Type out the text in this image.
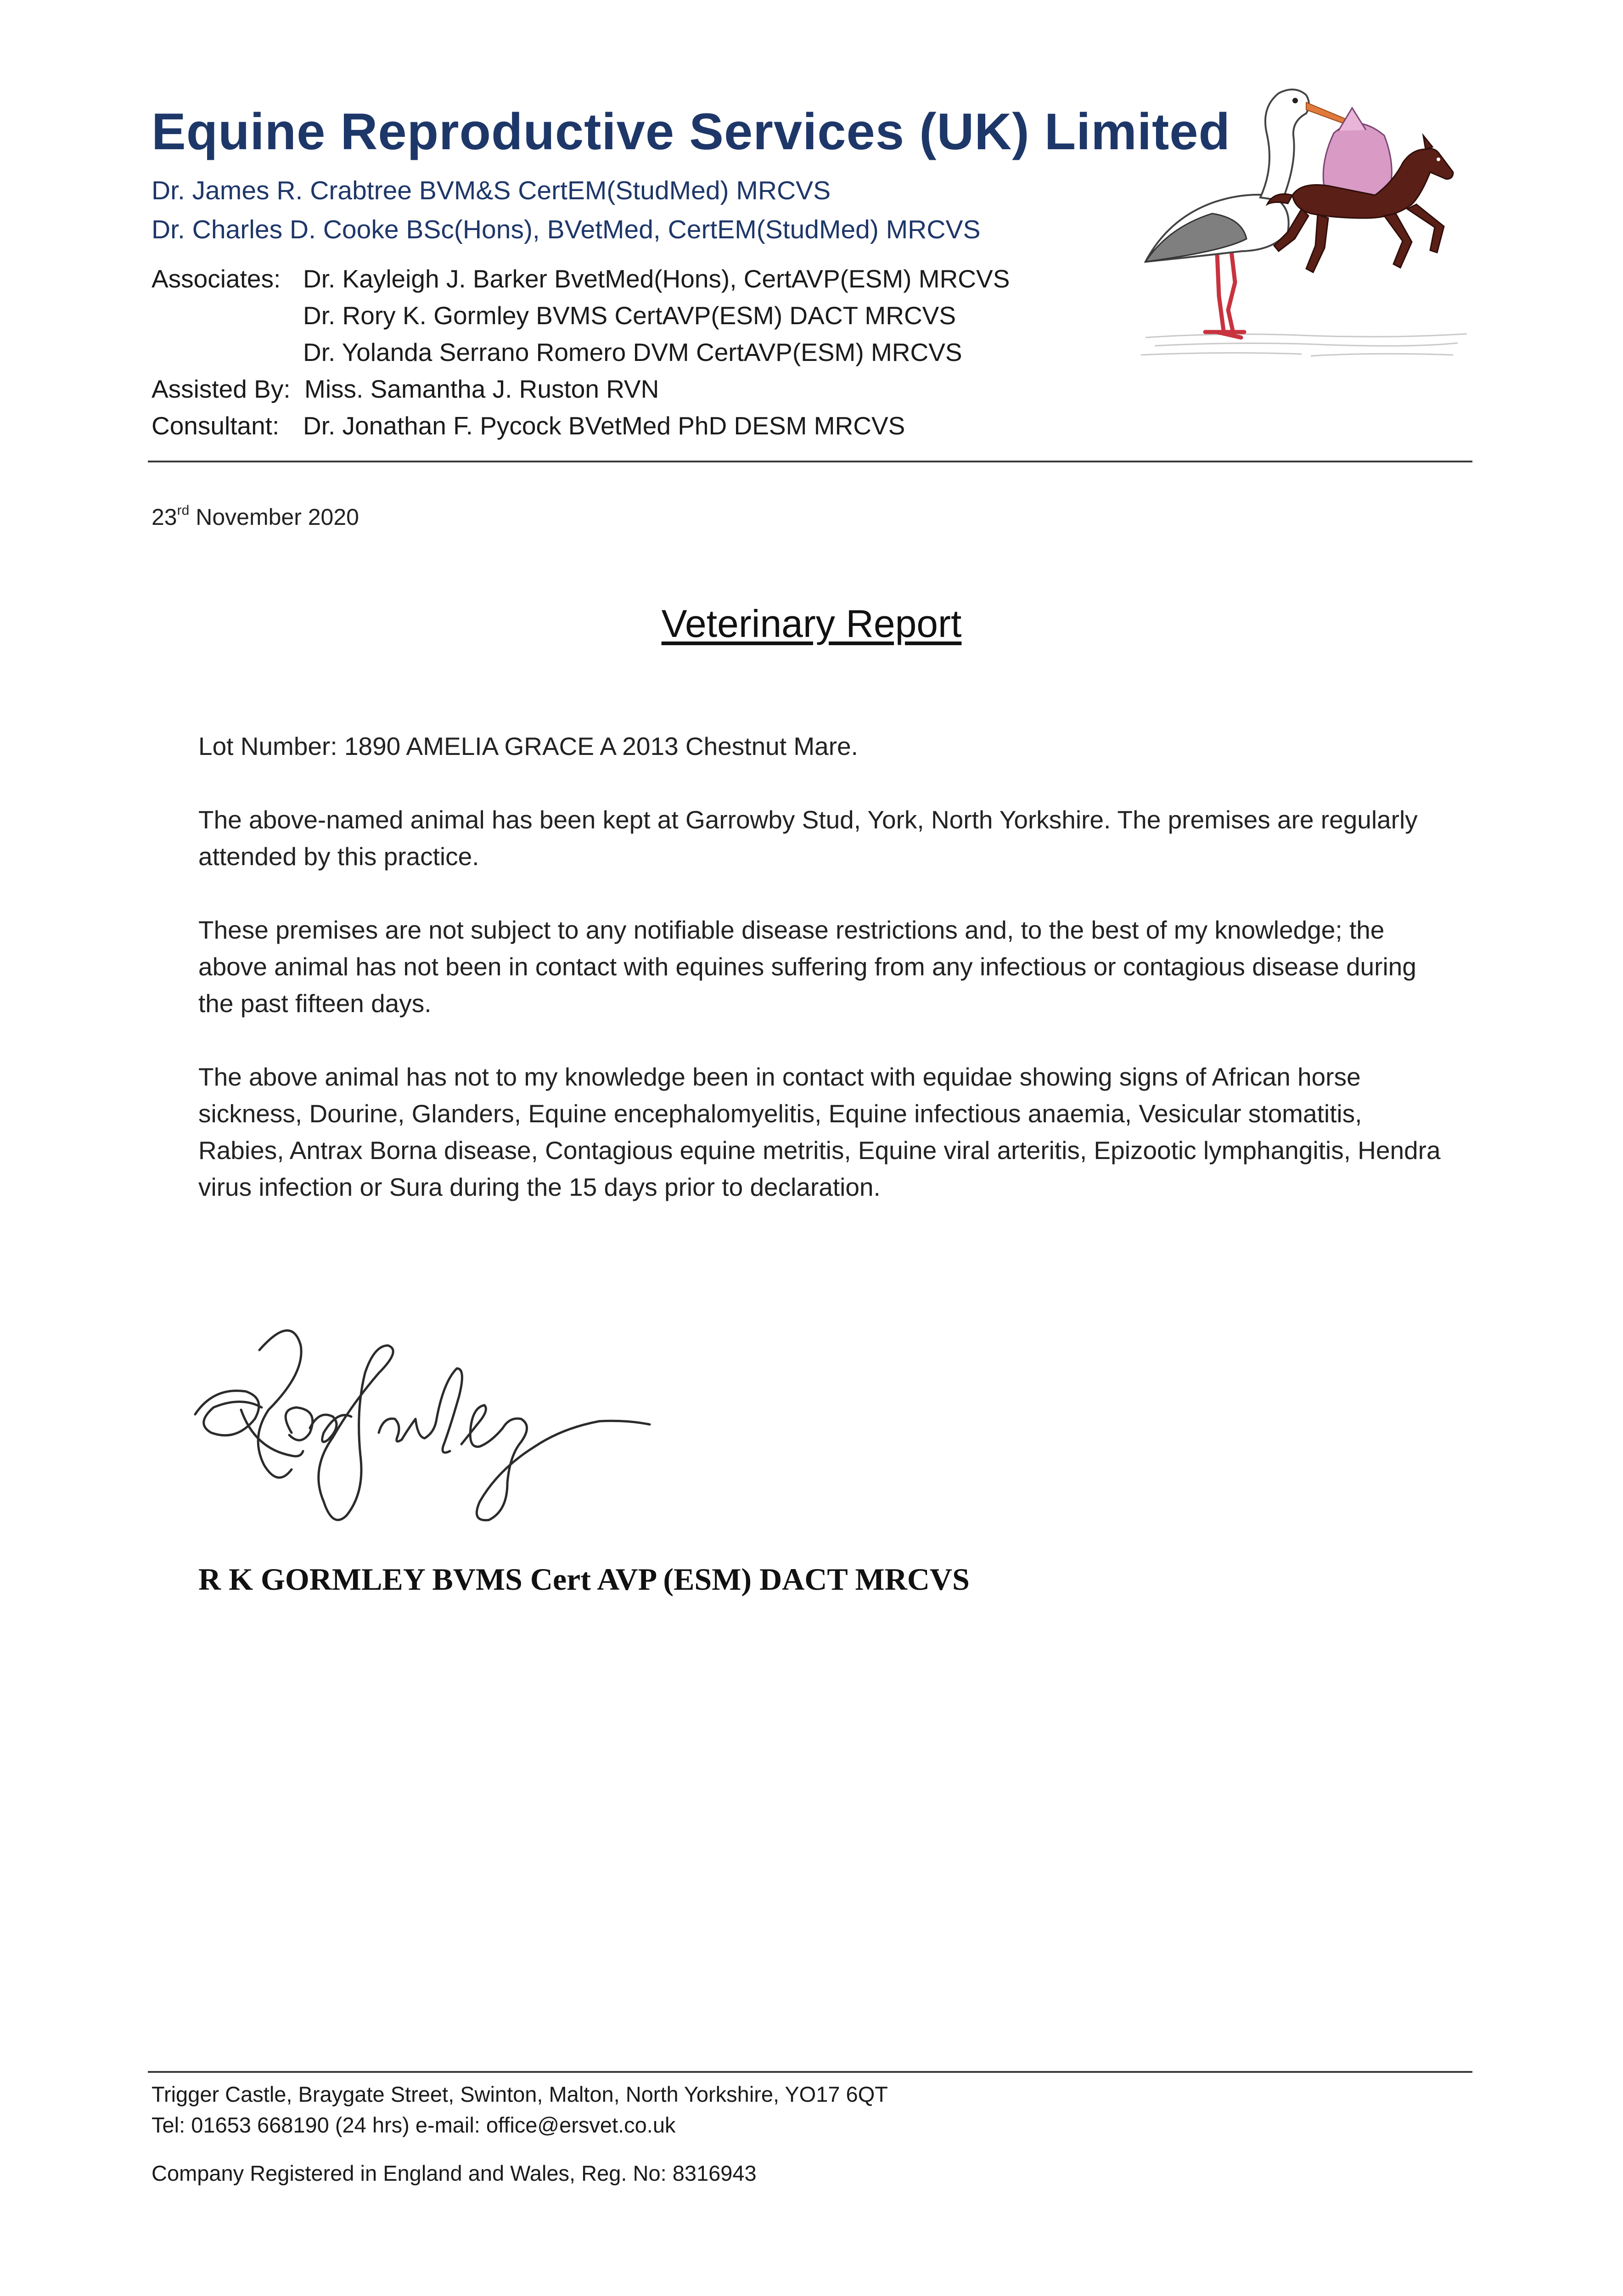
Equine Reproductive Services (UK) Limited
Dr. James R. Crabtree BVM&S CertEM(StudMed) MRCVS
Dr. Charles D. Cooke BSc(Hons), BVetMed, CertEM(StudMed) MRCVS
Associates: Dr. Kayleigh J. Barker BvetMed(Hons), CertAVP(ESM) MRCVS
Dr. Rory K. Gormley BVMS CertAVP(ESM) DACT MRCVS
Dr. Yolanda Serrano Romero DVM CertAVP(ESM) MRCVS
Assisted By: Miss. Samantha J. Ruston RVN
Consultant: Dr. Jonathan F. Pycock BVetMed PhD DESM MRCVS
23rd November 2020
Veterinary Report
Lot Number: 1890 AMELIA GRACE A 2013 Chestnut Mare.
The above-named animal has been kept at Garrowby Stud, York, North Yorkshire. The premises are regularly attended by this practice.
These premises are not subject to any notifiable disease restrictions and, to the best of my knowledge; the above animal has not been in contact with equines suffering from any infectious or contagious disease during the past fifteen days.
The above animal has not to my knowledge been in contact with equidae showing signs of African horse sickness, Dourine, Glanders, Equine encephalomyelitis, Equine infectious anaemia, Vesicular stomatitis, Rabies, Antrax Borna disease, Contagious equine metritis, Equine viral arteritis, Epizootic lymphangitis, Hendra virus infection or Sura during the 15 days prior to declaration.
R K GORMLEY BVMS Cert AVP (ESM) DACT MRCVS
Trigger Castle, Braygate Street, Swinton, Malton, North Yorkshire, YO17 6QT
Tel: 01653 668190 (24 hrs) e-mail: office@ersvet.co.uk
Company Registered in England and Wales, Reg. No: 8316943
